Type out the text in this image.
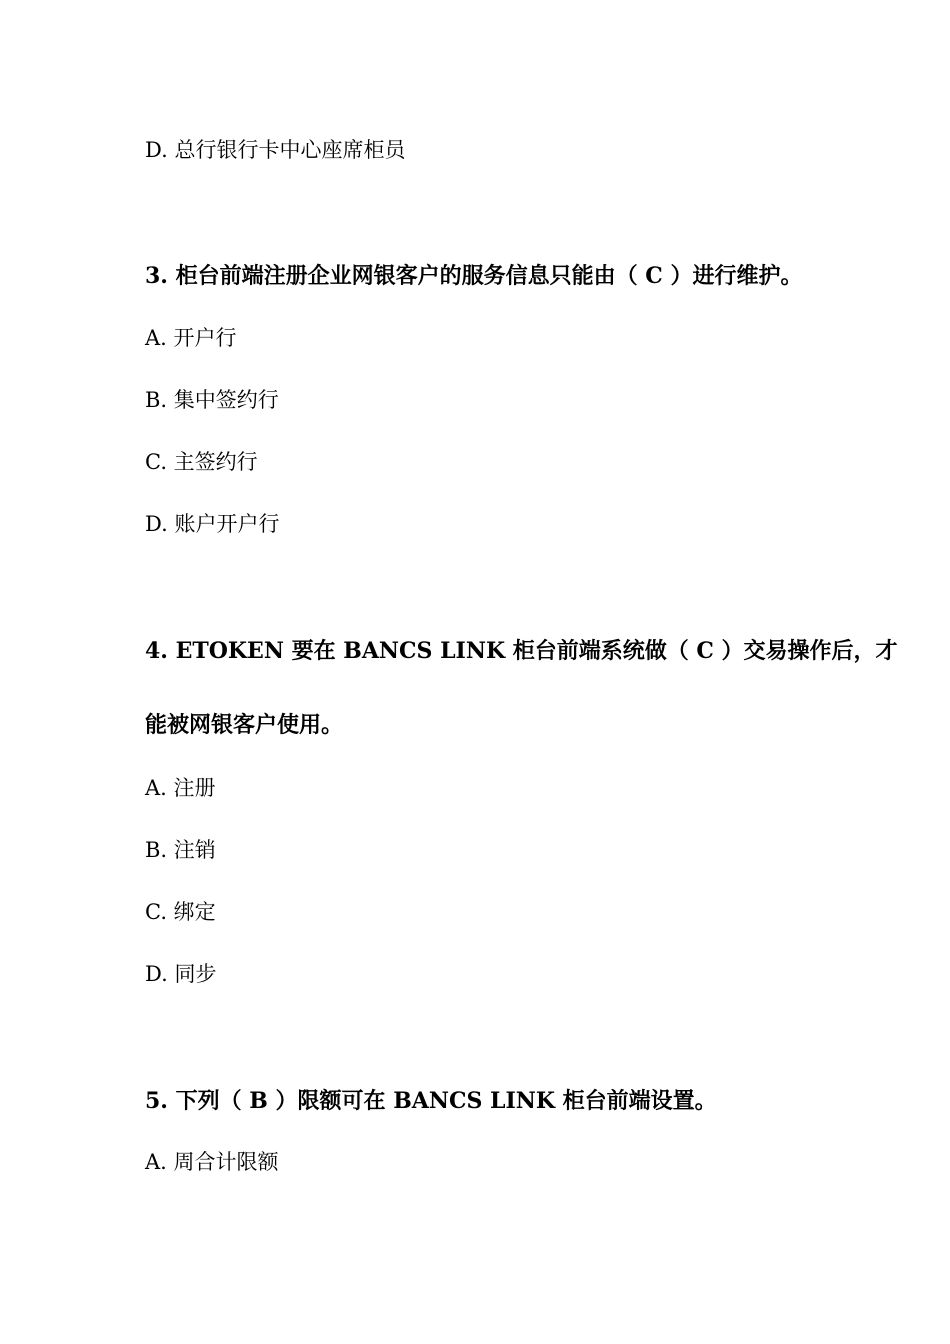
D. 总行银行卡中心座席柜员
3. 柜台前端注册企业网银客户的服务信息只能由（ C ）进行维护。
A. 开户行
B. 集中签约行
C. 主签约行
D. 账户开户行
4. ETOKEN 要在 BANCS LINK 柜台前端系统做（ C ）交易操作后，才
能被网银客户使用。
A. 注册
B. 注销
C. 绑定
D. 同步
5. 下列（ B ）限额可在 BANCS LINK 柜台前端设置。
A. 周合计限额
